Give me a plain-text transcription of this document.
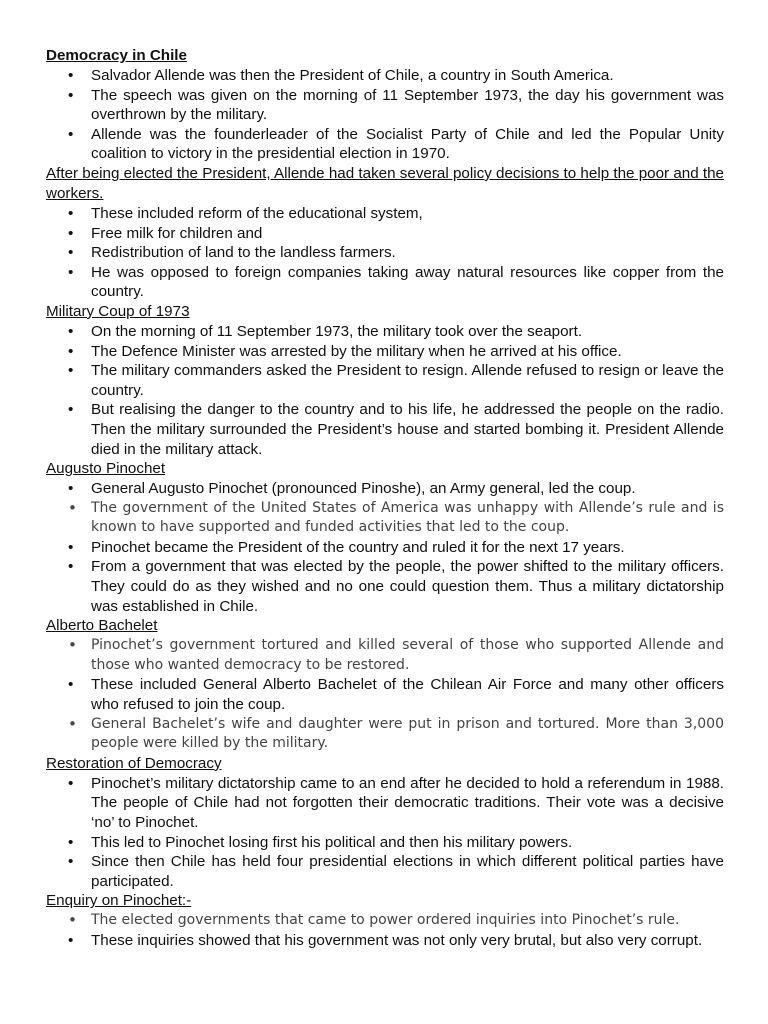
Democracy in Chile

• Salvador Allende was then the President of Chile, a country in South America.
• The speech was given on the morning of 11 September 1973, the day his government was overthrown by the military.
• Allende was the founderleader of the Socialist Party of Chile and led the Popular Unity coalition to victory in the presidential election in 1970.

After being elected the President, Allende had taken several policy decisions to help the poor and the workers.

• These included reform of the educational system,
• Free milk for children and
• Redistribution of land to the landless farmers.
• He was opposed to foreign companies taking away natural resources like copper from the country.

Military Coup of 1973

• On the morning of 11 September 1973, the military took over the seaport.
• The Defence Minister was arrested by the military when he arrived at his office.
• The military commanders asked the President to resign. Allende refused to resign or leave the country.
• But realising the danger to the country and to his life, he addressed the people on the radio. Then the military surrounded the President’s house and started bombing it. President Allende died in the military attack.

Augusto Pinochet

• General Augusto Pinochet (pronounced Pinoshe), an Army general, led the coup.
• The government of the United States of America was unhappy with Allende’s rule and is known to have supported and funded activities that led to the coup.
• Pinochet became the President of the country and ruled it for the next 17 years.
• From a government that was elected by the people, the power shifted to the military officers. They could do as they wished and no one could question them. Thus a military dictatorship was established in Chile.

Alberto Bachelet

• Pinochet’s government tortured and killed several of those who supported Allende and those who wanted democracy to be restored.
• These included General Alberto Bachelet of the Chilean Air Force and many other officers who refused to join the coup.
• General Bachelet’s wife and daughter were put in prison and tortured. More than 3,000 people were killed by the military.

Restoration of Democracy

• Pinochet’s military dictatorship came to an end after he decided to hold a referendum in 1988. The people of Chile had not forgotten their democratic traditions. Their vote was a decisive ‘no’ to Pinochet.
• This led to Pinochet losing first his political and then his military powers.
• Since then Chile has held four presidential elections in which different political parties have participated.

Enquiry on Pinochet:-

• The elected governments that came to power ordered inquiries into Pinochet’s rule.
• These inquiries showed that his government was not only very brutal, but also very corrupt.
